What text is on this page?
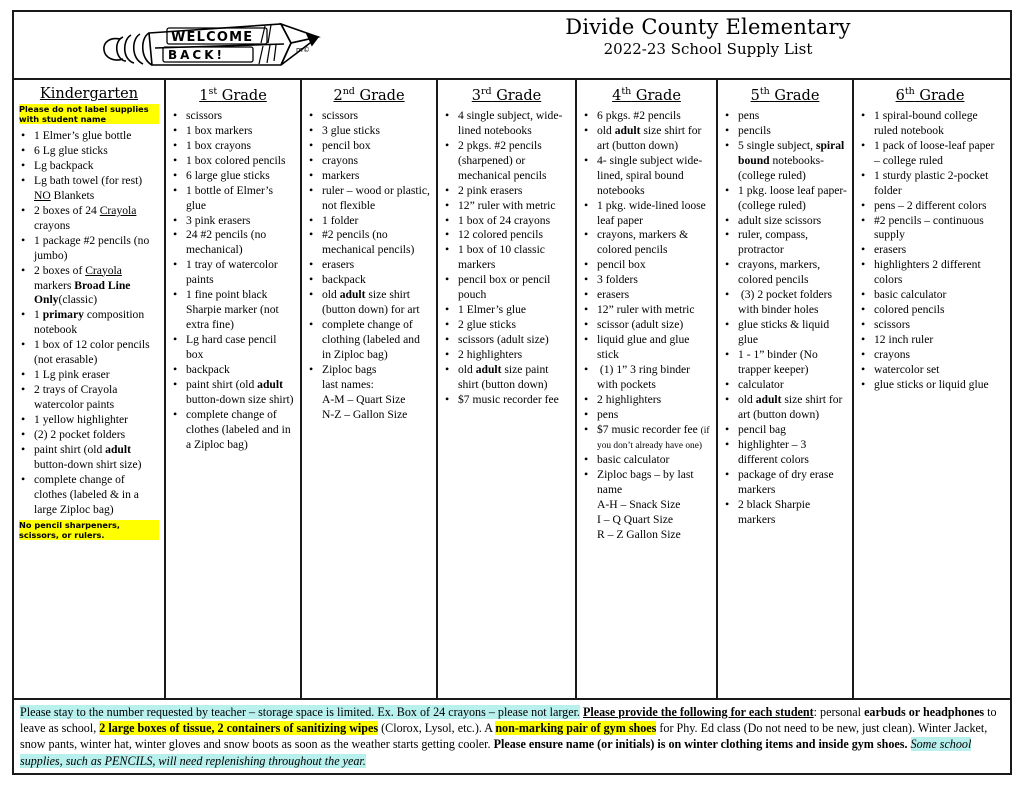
WELCOME
BACK!	m©
Divide County Elementary
2022-23 School Supply List
Kindergarten
Please do not label supplies with student name
• 1 Elmer’s glue bottle
• 6 Lg glue sticks
• Lg backpack
• Lg bath towel (for rest) NO Blankets
• 2 boxes of 24 Crayola crayons
• 1 package #2 pencils (no jumbo)
• 2 boxes of Crayola markers Broad Line Only(classic)
• 1 primary composition notebook
• 1 box of 12 color pencils (not erasable)
• 1 Lg pink eraser
• 2 trays of Crayola watercolor paints
• 1 yellow highlighter
• (2) 2 pocket folders
• paint shirt (old adult button-down shirt size)
• complete change of clothes (labeled & in a large Ziploc bag)
No pencil sharpeners, scissors, or rulers.
1st Grade
• scissors
• 1 box markers
• 1 box crayons
• 1 box colored pencils
• 6 large glue sticks
• 1 bottle of Elmer’s glue
• 3 pink erasers
• 24 #2 pencils (no mechanical)
• 1 tray of watercolor paints
• 1 fine point black Sharpie marker (not extra fine)
• Lg hard case pencil box
• backpack
• paint shirt (old adult button-down size shirt)
• complete change of clothes (labeled and in a Ziploc bag)
2nd Grade
• scissors
• 3 glue sticks
• pencil box
• crayons
• markers
• ruler – wood or plastic, not flexible
• 1 folder
• #2 pencils (no mechanical pencils)
• erasers
• backpack
• old adult size shirt (button down) for art
• complete change of clothing (labeled and in Ziploc bag)
• Ziploc bags
last names:
A-M – Quart Size
N-Z – Gallon Size
3rd Grade
• 4 single subject, wide-lined notebooks
• 2 pkgs. #2 pencils (sharpened) or mechanical pencils
• 2 pink erasers
• 12” ruler with metric
• 1 box of 24 crayons
• 12 colored pencils
• 1 box of 10 classic markers
• pencil box or pencil pouch
• 1 Elmer’s glue
• 2 glue sticks
• scissors (adult size)
• 2 highlighters
• old adult size paint shirt (button down)
• $7 music recorder fee
4th Grade
• 6 pkgs. #2 pencils
• old adult size shirt for art (button down)
• 4- single subject wide-lined, spiral bound notebooks
• 1 pkg. wide-lined loose leaf paper
• crayons, markers & colored pencils
• pencil box
• 3 folders
• erasers
• 12” ruler with metric
• scissor (adult size)
• liquid glue and glue stick
•  (1) 1” 3 ring binder with pockets
• 2 highlighters
• pens
• $7 music recorder fee (if you don’t already have one)
• basic calculator
• Ziploc bags – by last name
A-H – Snack Size
I – Q Quart Size
R – Z Gallon Size
5th Grade
• pens
• pencils
• 5 single subject, spiral bound notebooks- (college ruled)
• 1 pkg. loose leaf paper- (college ruled)
• adult size scissors
• ruler, compass, protractor
• crayons, markers, colored pencils
•  (3) 2 pocket folders with binder holes
• glue sticks & liquid glue
• 1 - 1” binder (No trapper keeper)
• calculator
• old adult size shirt for art (button down)
• pencil bag
• highlighter – 3 different colors
• package of dry erase markers
• 2 black Sharpie markers
6th Grade
• 1 spiral-bound college ruled notebook
• 1 pack of loose-leaf paper – college ruled
• 1 sturdy plastic 2-pocket folder
• pens – 2 different colors
• #2 pencils – continuous supply
• erasers
• highlighters 2 different colors
• basic calculator
• colored pencils
• scissors
• 12 inch ruler
• crayons
• watercolor set
• glue sticks or liquid glue
Please stay to the number requested by teacher – storage space is limited. Ex. Box of 24 crayons – please not larger. Please provide the following for each student: personal earbuds or headphones to leave as school, 2 large boxes of tissue, 2 containers of sanitizing wipes (Clorox, Lysol, etc.). A non-marking pair of gym shoes for Phy. Ed class (Do not need to be new, just clean). Winter Jacket, snow pants, winter hat, winter gloves and snow boots as soon as the weather starts getting cooler. Please ensure name (or initials) is on winter clothing items and inside gym shoes. Some school supplies, such as PENCILS, will need replenishing throughout the year.
